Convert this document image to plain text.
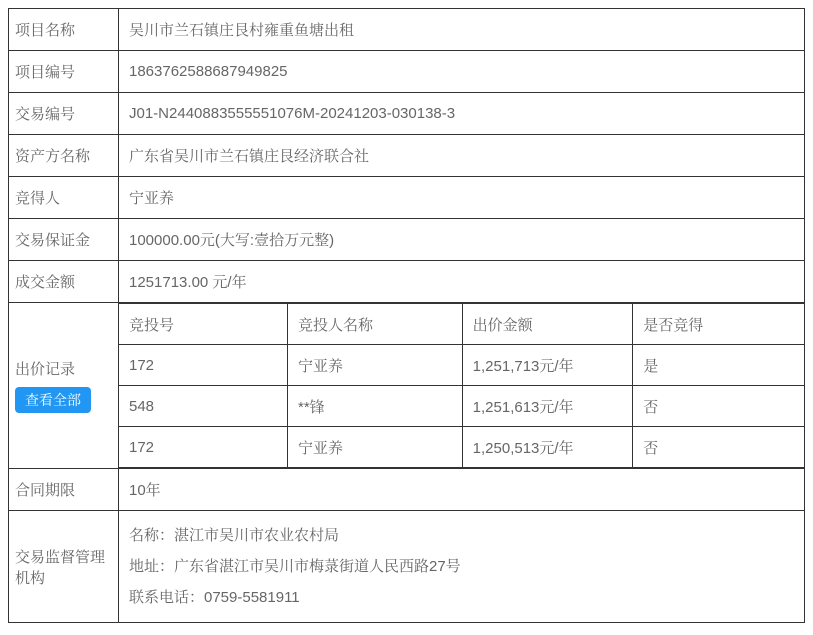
项目名称	吴川市兰石镇庄艮村雍重鱼塘出租
项目编号	1863762588687949825
交易编号	J01-N2440883555551076M-20241203-030138-3
资产方名称	广东省吴川市兰石镇庄艮经济联合社
竞得人	宁亚养
交易保证金	100000.00元(大写:壹拾万元整)
成交金额	1251713.00 元/年

出价记录
查看全部	
竞投号	竞投人名称	出价金额	是否竞得
172	宁亚养	1,251,713元/年	是
548	**锋	1,251,613元/年	否
172	宁亚养	1,250,513元/年	否

合同期限	10年
交易监督管理机构	
名称：湛江市吴川市农业农村局
地址：广东省湛江市吴川市梅菉街道人民西路27号
联系电话：0759-5581911
